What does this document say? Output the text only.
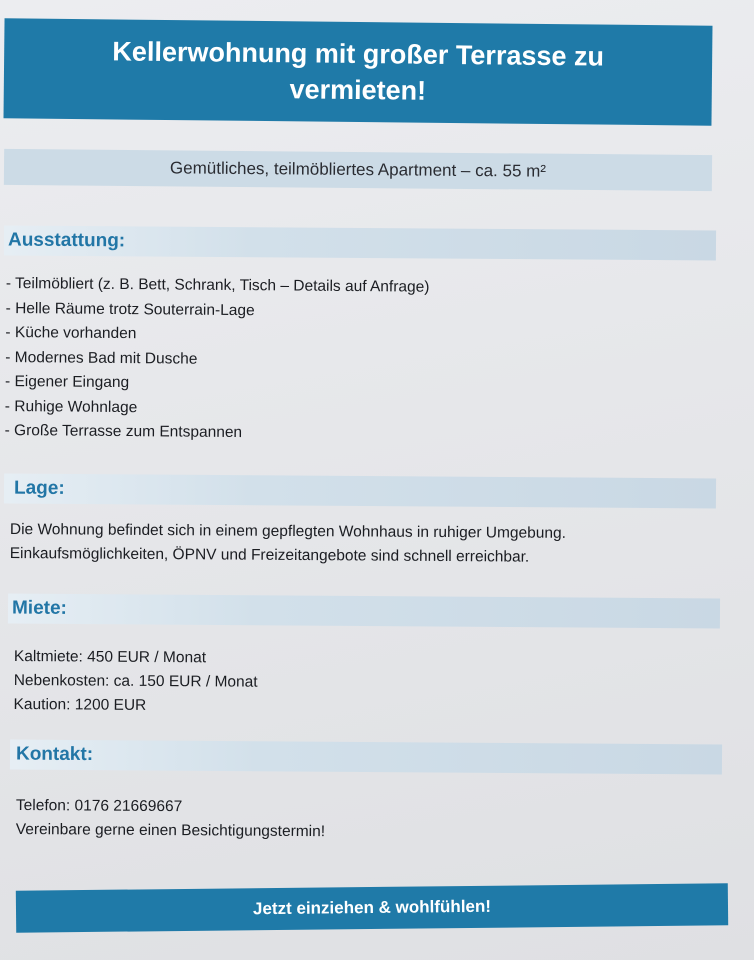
Kellerwohnung mit großer Terrasse zu vermieten!
Gemütliches, teilmöbliertes Apartment – ca. 55 m²
Ausstattung:
- Teilmöbliert (z. B. Bett, Schrank, Tisch – Details auf Anfrage)
- Helle Räume trotz Souterrain-Lage
- Küche vorhanden
- Modernes Bad mit Dusche
- Eigener Eingang
- Ruhige Wohnlage
- Große Terrasse zum Entspannen
Lage:
Die Wohnung befindet sich in einem gepflegten Wohnhaus in ruhiger Umgebung.
Einkaufsmöglichkeiten, ÖPNV und Freizeitangebote sind schnell erreichbar.
Miete:
Kaltmiete: 450 EUR / Monat
Nebenkosten: ca. 150 EUR / Monat
Kaution: 1200 EUR
Kontakt:
Telefon: 0176 21669667
Vereinbare gerne einen Besichtigungstermin!
Jetzt einziehen & wohlfühlen!
